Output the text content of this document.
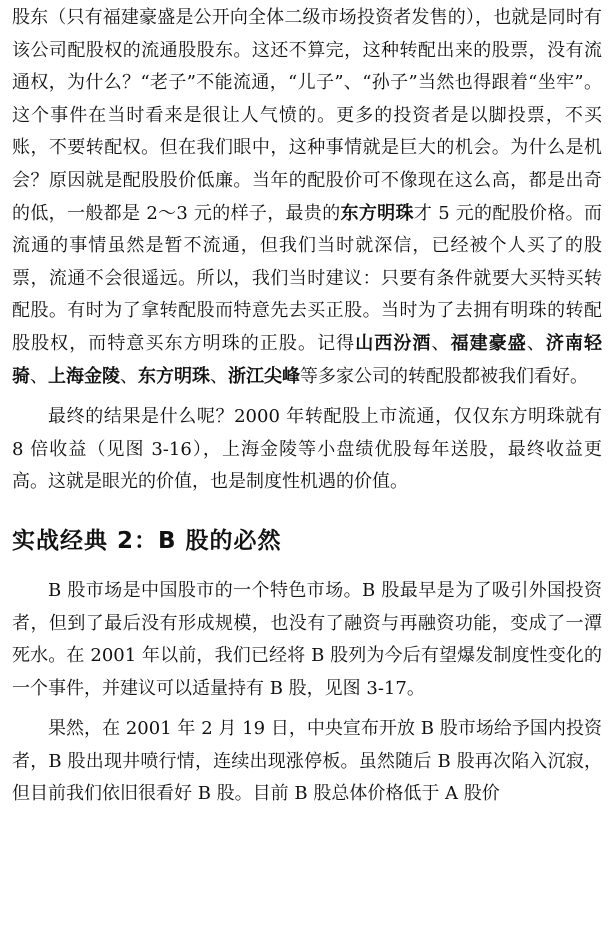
股东（只有福建豪盛是公开向全体二级市场投资者发售的），也就是同时有该公司配股权的流通股股东。这还不算完，这种转配出来的股票，没有流通权，为什么？“老子”不能流通，“儿子”、“孙子”当然也得跟着“坐牢”。这个事件在当时看来是很让人气愤的。更多的投资者是以脚投票，不买账，不要转配权。但在我们眼中，这种事情就是巨大的机会。为什么是机会？原因就是配股股价低廉。当年的配股价可不像现在这么高，都是出奇的低，一般都是 2～3 元的样子，最贵的东方明珠才 5 元的配股价格。而流通的事情虽然是暂不流通，但我们当时就深信，已经被个人买了的股票，流通不会很遥远。所以，我们当时建议：只要有条件就要大买特买转配股。有时为了拿转配股而特意先去买正股。当时为了去拥有明珠的转配股股权，而特意买东方明珠的正股。记得山西汾酒、福建豪盛、济南轻骑、上海金陵、东方明珠、浙江尖峰等多家公司的转配股都被我们看好。

最终的结果是什么呢？2000 年转配股上市流通，仅仅东方明珠就有 8 倍收益（见图 3-16），上海金陵等小盘绩优股每年送股，最终收益更高。这就是眼光的价值，也是制度性机遇的价值。

实战经典 2：B 股的必然

B 股市场是中国股市的一个特色市场。B 股最早是为了吸引外国投资者，但到了最后没有形成规模，也没有了融资与再融资功能，变成了一潭死水。在 2001 年以前，我们已经将 B 股列为今后有望爆发制度性变化的一个事件，并建议可以适量持有 B 股，见图 3-17。

果然，在 2001 年 2 月 19 日，中央宣布开放 B 股市场给予国内投资者，B 股出现井喷行情，连续出现涨停板。虽然随后 B 股再次陷入沉寂，但目前我们依旧很看好 B 股。目前 B 股总体价格低于 A 股价
